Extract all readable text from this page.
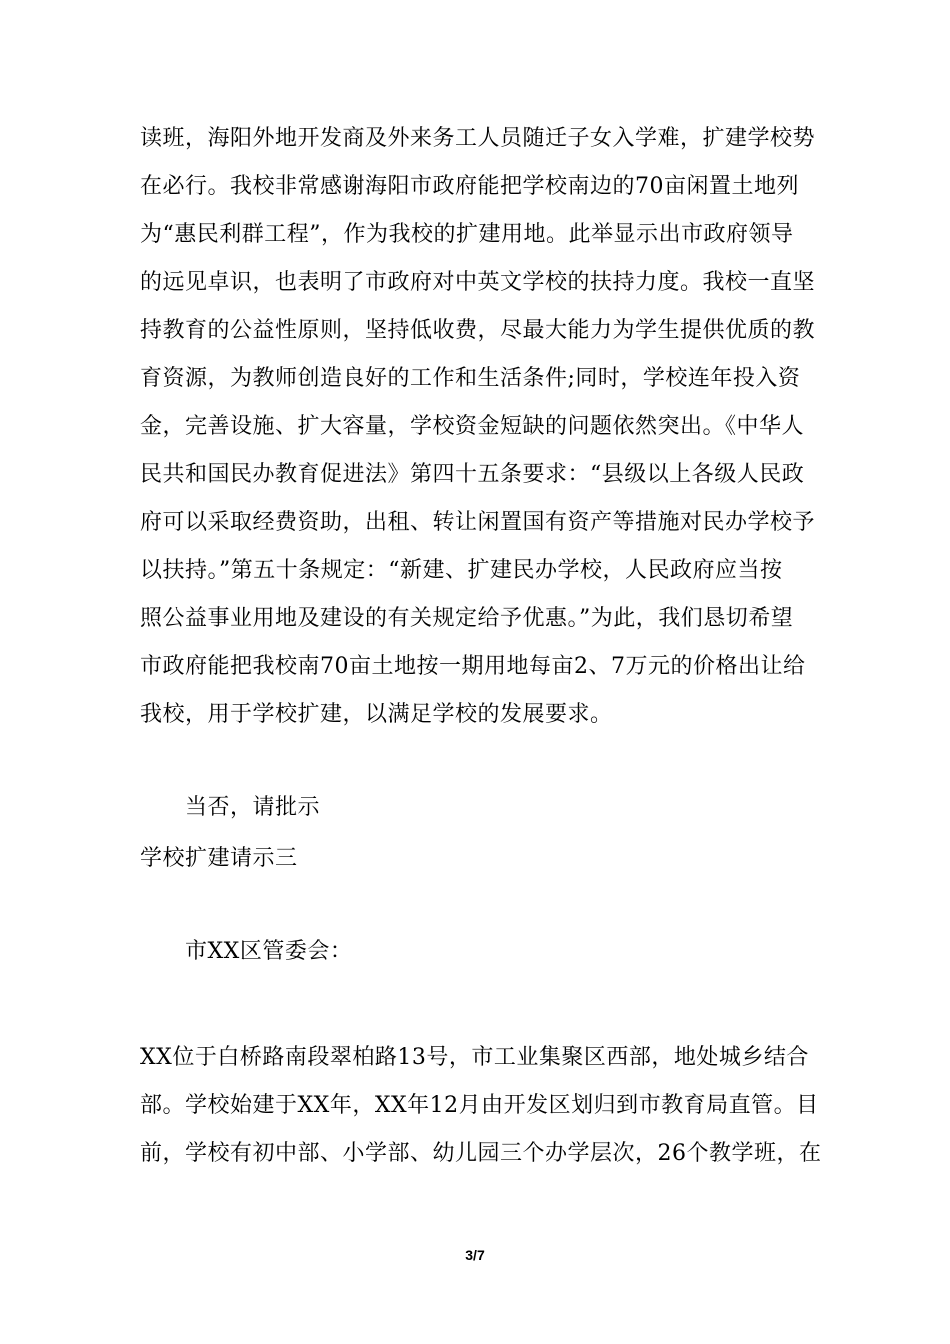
读班，海阳外地开发商及外来务工人员随迁子女入学难，扩建学校势
在必行。我校非常感谢海阳市政府能把学校南边的70亩闲置土地列
为“惠民利群工程”，作为我校的扩建用地。此举显示出市政府领导
的远见卓识，也表明了市政府对中英文学校的扶持力度。我校一直坚
持教育的公益性原则，坚持低收费，尽最大能力为学生提供优质的教
育资源，为教师创造良好的工作和生活条件;同时，学校连年投入资
金，完善设施、扩大容量，学校资金短缺的问题依然突出。《中华人
民共和国民办教育促进法》第四十五条要求：“县级以上各级人民政
府可以采取经费资助，出租、转让闲置国有资产等措施对民办学校予
以扶持。”第五十条规定：“新建、扩建民办学校，人民政府应当按
照公益事业用地及建设的有关规定给予优惠。”为此，我们恳切希望
市政府能把我校南70亩土地按一期用地每亩2、7万元的价格出让给
我校，用于学校扩建，以满足学校的发展要求。
当否，请批示
学校扩建请示三
市XX区管委会：
XX位于白桥路南段翠柏路13号，市工业集聚区西部，地处城乡结合
部。学校始建于XX年，XX年12月由开发区划归到市教育局直管。目
前，学校有初中部、小学部、幼儿园三个办学层次，26个教学班，在
3/7
